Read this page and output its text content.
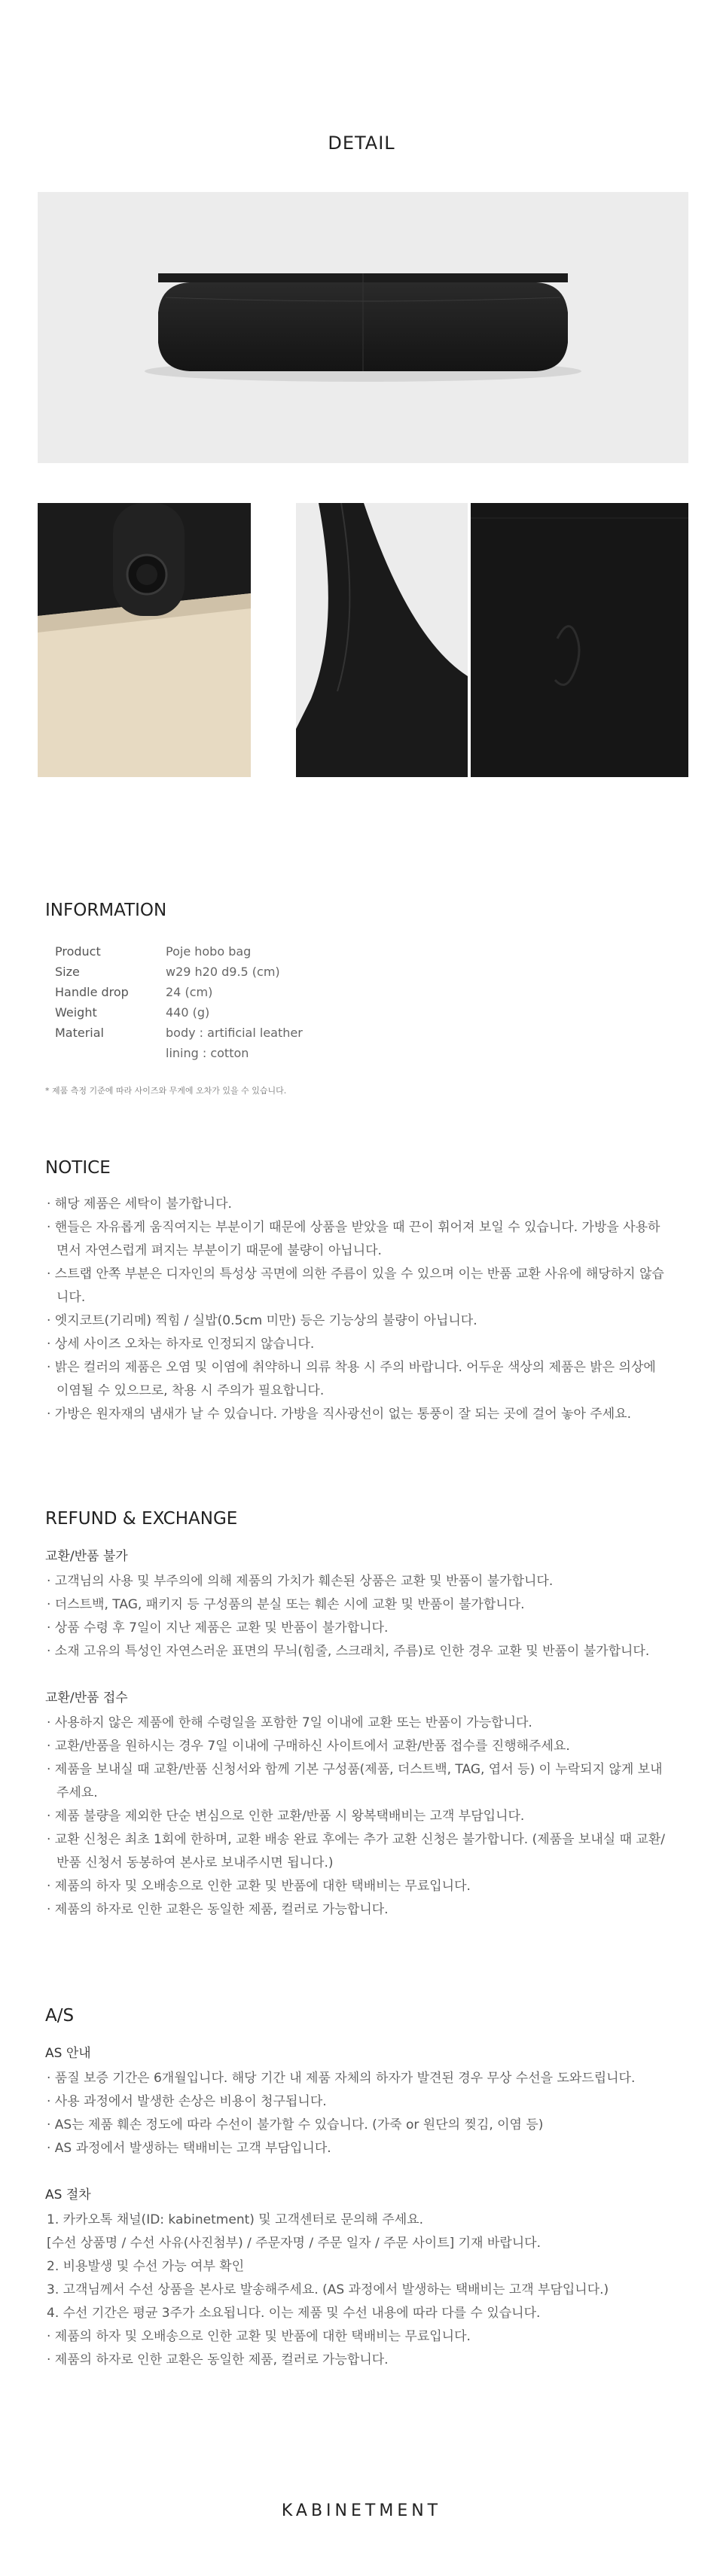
DETAIL
INFORMATION
Product	Poje hobo bag
Size	w29 h20 d9.5 (cm)
Handle drop	24 (cm)
Weight	440 (g)
Material	body : artificial leather
lining : cotton
* 제품 측정 기준에 따라 사이즈와 무게에 오차가 있을 수 있습니다.
NOTICE
· 해당 제품은 세탁이 불가합니다.
· 핸들은 자유롭게 움직여지는 부분이기 때문에 상품을 받았을 때 끈이 휘어져 보일 수 있습니다. 가방을 사용하면서 자연스럽게 펴지는 부분이기 때문에 불량이 아닙니다.
· 스트랩 안쪽 부분은 디자인의 특성상 곡면에 의한 주름이 있을 수 있으며 이는 반품 교환 사유에 해당하지 않습니다.
· 엣지코트(기리메) 찍힘 / 실밥(0.5cm 미만) 등은 기능상의 불량이 아닙니다.
· 상세 사이즈 오차는 하자로 인정되지 않습니다.
· 밝은 컬러의 제품은 오염 및 이염에 취약하니 의류 착용 시 주의 바랍니다. 어두운 색상의 제품은 밝은 의상에 이염될 수 있으므로, 착용 시 주의가 필요합니다.
· 가방은 원자재의 냄새가 날 수 있습니다. 가방을 직사광선이 없는 통풍이 잘 되는 곳에 걸어 놓아 주세요.
REFUND & EXCHANGE
교환/반품 불가
· 고객님의 사용 및 부주의에 의해 제품의 가치가 훼손된 상품은 교환 및 반품이 불가합니다.
· 더스트백, TAG, 패키지 등 구성품의 분실 또는 훼손 시에 교환 및 반품이 불가합니다.
· 상품 수령 후 7일이 지난 제품은 교환 및 반품이 불가합니다.
· 소재 고유의 특성인 자연스러운 표면의 무늬(힘줄, 스크래치, 주름)로 인한 경우 교환 및 반품이 불가합니다.
교환/반품 접수
· 사용하지 않은 제품에 한해 수령일을 포함한 7일 이내에 교환 또는 반품이 가능합니다.
· 교환/반품을 원하시는 경우 7일 이내에 구매하신 사이트에서 교환/반품 접수를 진행해주세요.
· 제품을 보내실 때 교환/반품 신청서와 함께 기본 구성품(제품, 더스트백, TAG, 엽서 등) 이 누락되지 않게 보내주세요.
· 제품 불량을 제외한 단순 변심으로 인한 교환/반품 시 왕복택배비는 고객 부담입니다.
· 교환 신청은 최초 1회에 한하며, 교환 배송 완료 후에는 추가 교환 신청은 불가합니다. (제품을 보내실 때 교환/반품 신청서 동봉하여 본사로 보내주시면 됩니다.)
· 제품의 하자 및 오배송으로 인한 교환 및 반품에 대한 택배비는 무료입니다.
· 제품의 하자로 인한 교환은 동일한 제품, 컬러로 가능합니다.
A/S
AS 안내
· 품질 보증 기간은 6개월입니다. 해당 기간 내 제품 자체의 하자가 발견된 경우 무상 수선을 도와드립니다.
· 사용 과정에서 발생한 손상은 비용이 청구됩니다.
· AS는 제품 훼손 정도에 따라 수선이 불가할 수 있습니다. (가죽 or 원단의 찢김, 이염 등)
· AS 과정에서 발생하는 택배비는 고객 부담입니다.
AS 절차
1. 카카오톡 채널(ID: kabinetment) 및 고객센터로 문의해 주세요.
[수선 상품명 / 수선 사유(사진첨부) / 주문자명 / 주문 일자 / 주문 사이트] 기재 바랍니다.
2. 비용발생 및 수선 가능 여부 확인
3. 고객님께서 수선 상품을 본사로 발송해주세요. (AS 과정에서 발생하는 택배비는 고객 부담입니다.)
4. 수선 기간은 평균 3주가 소요됩니다. 이는 제품 및 수선 내용에 따라 다를 수 있습니다.
· 제품의 하자 및 오배송으로 인한 교환 및 반품에 대한 택배비는 무료입니다.
· 제품의 하자로 인한 교환은 동일한 제품, 컬러로 가능합니다.
KABINETMENT
